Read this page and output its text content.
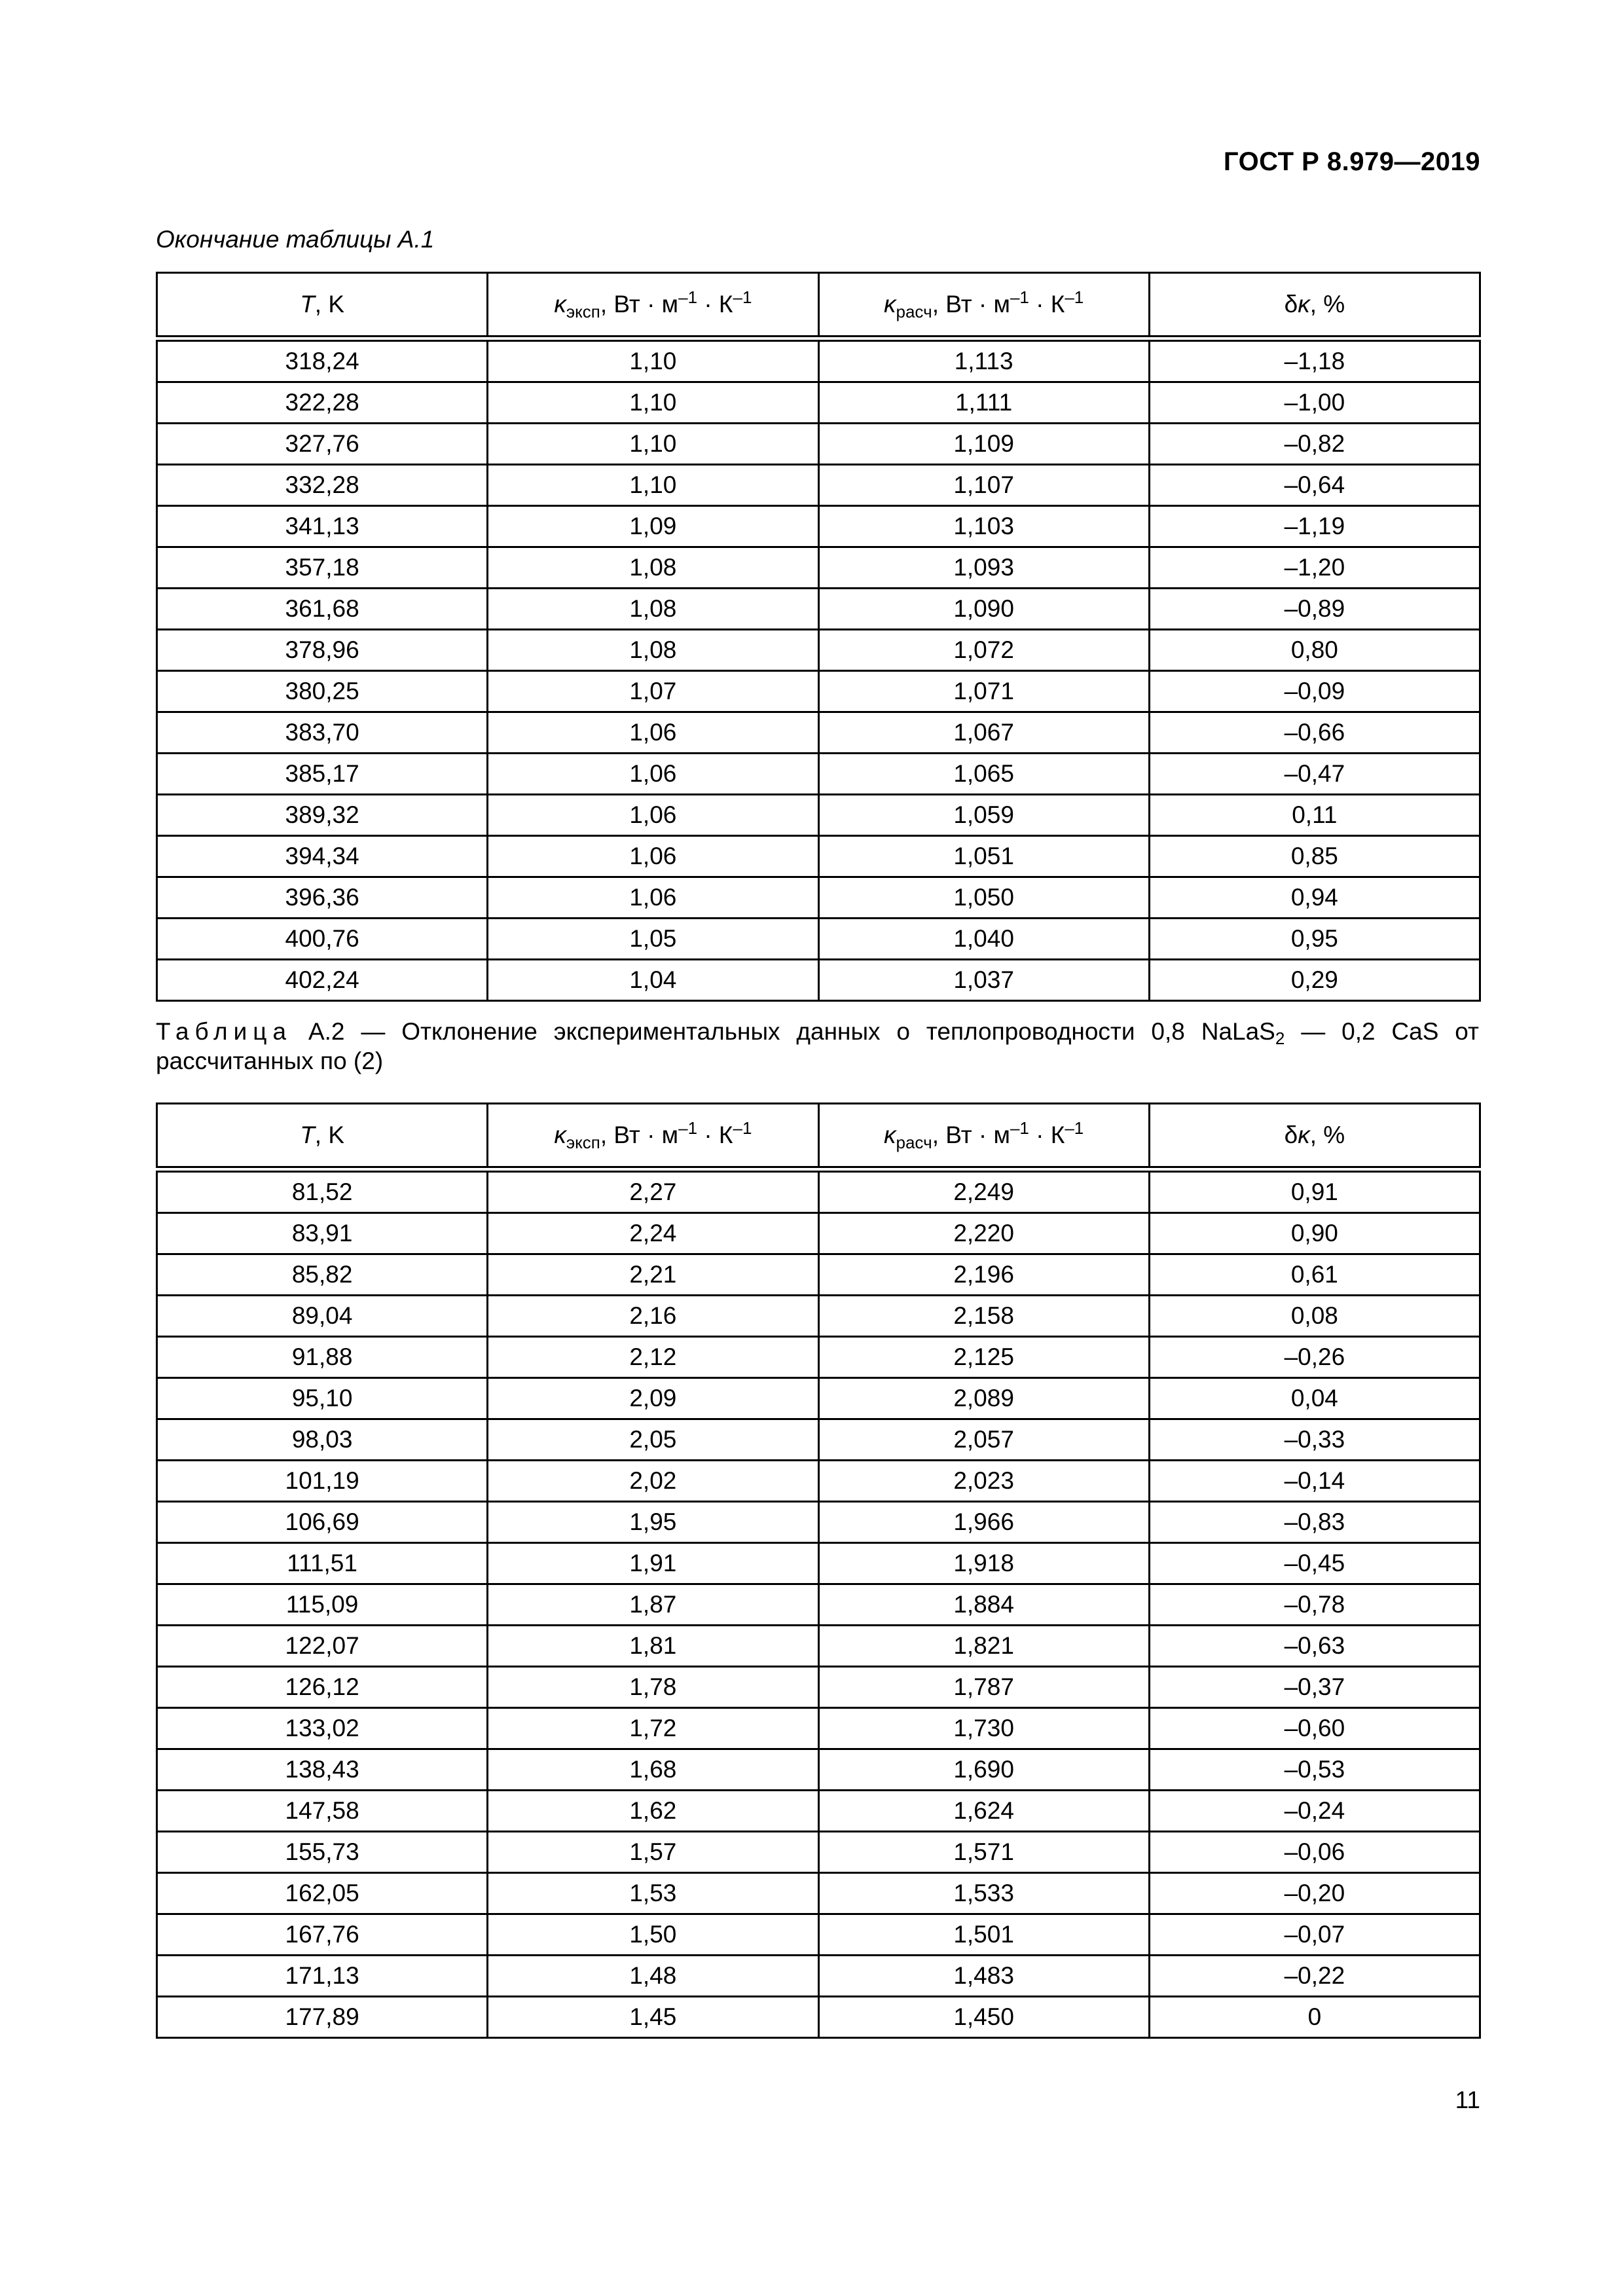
ГОСТ Р 8.979—2019
Окончание таблицы А.1
T, K	$\kappa_{эксп}$, Вт · $м^{-1} \cdot К^{-1}$	$\kappa_{расч}$, Вт · $м^{-1} \cdot К^{-1}$	δκ, %
318,24	1,10	1,113	–1,18
322,28	1,10	1,111	–1,00
327,76	1,10	1,109	–0,82
332,28	1,10	1,107	–0,64
341,13	1,09	1,103	–1,19
357,18	1,08	1,093	–1,20
361,68	1,08	1,090	–0,89
378,96	1,08	1,072	0,80
380,25	1,07	1,071	–0,09
383,70	1,06	1,067	–0,66
385,17	1,06	1,065	–0,47
389,32	1,06	1,059	0,11
394,34	1,06	1,051	0,85
396,36	1,06	1,050	0,94
400,76	1,05	1,040	0,95
402,24	1,04	1,037	0,29
Таблица А.2 — Отклонение экспериментальных данных о теплопроводности 0,8 NaLaS$_2$ — 0,2 CaS от рассчитанных по (2)
T, K	$\kappa_{эксп}$, Вт · $м^{-1} \cdot К^{-1}$	$\kappa_{расч}$, Вт · $м^{-1} \cdot К^{-1}$	δκ, %
81,52	2,27	2,249	0,91
83,91	2,24	2,220	0,90
85,82	2,21	2,196	0,61
89,04	2,16	2,158	0,08
91,88	2,12	2,125	–0,26
95,10	2,09	2,089	0,04
98,03	2,05	2,057	–0,33
101,19	2,02	2,023	–0,14
106,69	1,95	1,966	–0,83
111,51	1,91	1,918	–0,45
115,09	1,87	1,884	–0,78
122,07	1,81	1,821	–0,63
126,12	1,78	1,787	–0,37
133,02	1,72	1,730	–0,60
138,43	1,68	1,690	–0,53
147,58	1,62	1,624	–0,24
155,73	1,57	1,571	–0,06
162,05	1,53	1,533	–0,20
167,76	1,50	1,501	–0,07
171,13	1,48	1,483	–0,22
177,89	1,45	1,450	0
11
